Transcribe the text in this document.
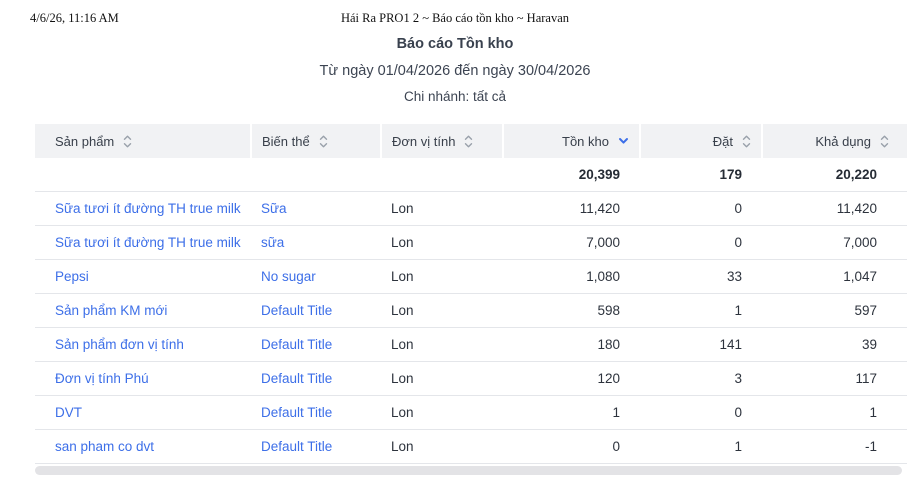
4/6/26, 11:16 AM	Hái Ra PRO1 2 ~ Báo cáo tồn kho ~ Haravan
Báo cáo Tồn kho
Từ ngày 01/04/2026 đến ngày 30/04/2026
Chi nhánh: tất cả
Sản phẩm	Biến thể	Đơn vị tính	Tồn kho	Đặt	Khả dụng

			20,399	179	20,220
Sữa tươi ít đường TH true milk	Sữa	Lon	11,420	0	11,420
Sữa tươi ít đường TH true milk	sữa	Lon	7,000	0	7,000
Pepsi	No sugar	Lon	1,080	33	1,047
Sản phẩm KM mới	Default Title	Lon	598	1	597
Sản phẩm đơn vị tính	Default Title	Lon	180	141	39
Đơn vị tính Phú	Default Title	Lon	120	3	117
DVT	Default Title	Lon	1	0	1
san pham co dvt	Default Title	Lon	0	1	-1
